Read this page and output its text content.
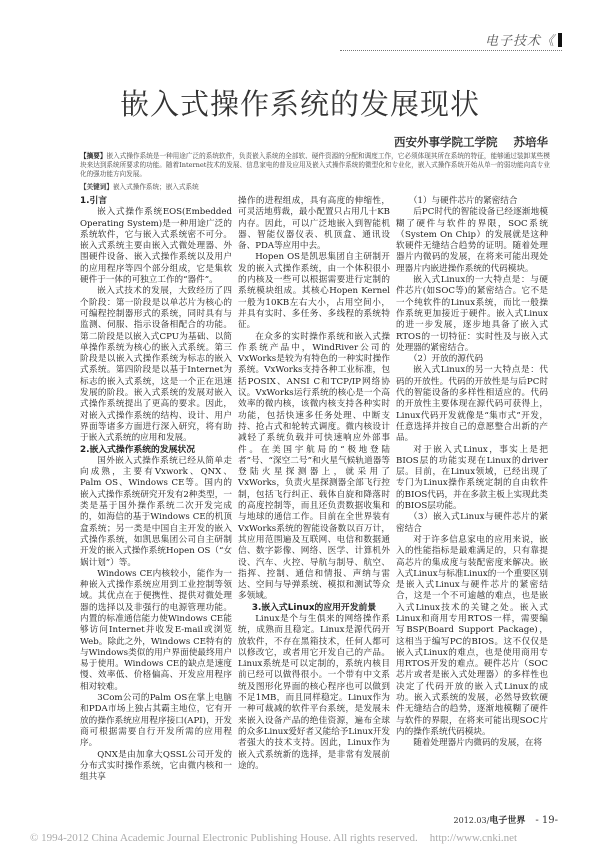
电子技术《
嵌入式操作系统的发展现状
西安外事学院工学院 苏培华
【摘要】嵌入式操作系统是一种用途广泛的系统软件，负责嵌入系统的全部软、硬件资源的分配和调度工作，它必须体现其所在系统的特征，能够通过装卸某些模块来达到系统所要求的功能。随着Internet技术的发展、信息家电的普及应用及嵌入式操作系统的微型化和专业化，嵌入式操作系统开始从单一的弱功能向高专业化的强功能方向发展。
【关键词】嵌入式操作系统；嵌入式系统
1.引言

嵌入式操作系统EOS(Embedded Operating System)是一种用途广泛的系统软件，它与嵌入式系统密不可分。嵌入式系统主要由嵌入式微处理器、外围硬件设备、嵌入式操作系统以及用户的应用程序等四个部分组成，它是集软硬件于一体的可独立工作的“器件”。

嵌入式技术的发展，大致经历了四个阶段：第一阶段是以单芯片为核心的可编程控制器形式的系统，同时具有与监测、伺服、指示设备相配合的功能。第二阶段是以嵌入式CPU为基础、以简单操作系统为核心的嵌入式系统。第三阶段是以嵌入式操作系统为标志的嵌入式系统。第四阶段是以基于Internet为标志的嵌入式系统，这是一个正在迅速发展的阶段。嵌入式系统的发展对嵌入式操作系统提出了更高的要求。因此，对嵌入式操作系统的结构、设计、用户界面等诸多方面进行深入研究，将有助于嵌入式系统的应用和发展。

2.嵌入式操作系统的发展状况

国外嵌入式操作系统已经从简单走向成熟，主要有Vxwork、QNX、Palm OS、Windows CE等。国内的嵌入式操作系统研究开发有2种类型，一类是基于国外操作系统二次开发完成的，如海信的基于Windows CE的机顶盒系统；另一类是中国自主开发的嵌入式操作系统，如凯思集团公司自主研制开发的嵌入式操作系统Hopen OS（“女娲计划”）等。

Windows CE内核较小，能作为一种嵌入式操作系统应用到工业控制等领域。其优点在于便携性、提供对微处理器的选择以及非强行的电源管理功能。内置的标准通信能力使Windows CE能够访问Internet并收发E-mail或浏览Web。除此之外，Windows CE特有的与Windows类似的用户界面使最终用户易于使用。Windows CE的缺点是速度慢、效率低、价格偏高、开发应用程序相对较难。

3Com公司的Palm OS在掌上电脑和PDA市场上独占其霸主地位，它有开放的操作系统应用程序接口(API)，开发商可根据需要自行开发所需的应用程序。

QNX是由加拿大QSSL公司开发的分布式实时操作系统，它由微内核和一组共享

操作的进程组成，具有高度的伸缩性，可灵活地剪裁，最小配置只占用几十KB内存。因此，可以广泛地嵌入到智能机器、智能仪器仪表、机顶盒、通讯设备、PDA等应用中去。

Hopen OS是凯思集团自主研制开发的嵌入式操作系统，由一个体积很小的内核及一些可以根据需要进行定制的系统模块组成。其核心Hopen Kernel一般为10KB左右大小，占用空间小，并具有实时、多任务、多线程的系统特征。

在众多的实时操作系统和嵌入式操作系统产品中，WindRiver公司的VxWorks是较为有特色的一种实时操作系统。VxWorks支持各种工业标准，包括POSIX、ANSI C和TCP/IP网络协议。VxWorks运行系统的核心是一个高效率的微内核，该微内核支持各种实时功能，包括快速多任务处理、中断支持、抢占式和轮转式调度。微内核设计减轻了系统负载并可快速响应外部事件。在美国宇航局的“极地登陆者”号、“深空二号”和火星气候轨道器等登陆火星探测器上，就采用了VxWorks，负责火星探测器全部飞行控制，包括飞行纠正、载体自旋和降落时的高度控制等，而且还负责数据收集和与地球的通信工作。目前在全世界装有VxWorks系统的智能设备数以百万计，其应用范围遍及互联网、电信和数据通信、数字影像、网络、医学、计算机外设、汽车、火控、导航与制导、航空、指挥、控制、通信和情报、声纳与雷达、空间与导弹系统、模拟和测试等众多领域。

3.嵌入式Linux的应用开发前景

Linux是个与生俱来的网络操作系统，成熟而且稳定。Linux是源代码开放软件，不存在黑箱技术，任何人都可以修改它，或者用它开发自己的产品。Linux系统是可以定制的，系统内核目前已经可以做得很小。一个带有中文系统及图形化界面的核心程序也可以做到不足1MB，而且同样稳定。Linux作为一种可裁减的软件平台系统，是发展未来嵌入设备产品的绝佳资源，遍布全球的众多Linux爱好者又能给予Linux开发者强大的技术支持。因此，Linux作为嵌入式系统新的选择，是非常有发展前途的。

（1）与硬件芯片的紧密结合

后PC时代的智能设备已经逐渐地模糊了硬件与软件的界限，SOC系统（System On Chip）的发展就是这种软硬件无缝结合趋势的证明。随着处理器片内微码的发展，在将来可能出现处理器片内嵌进操作系统的代码模块。

嵌入式Linux的一大特点是：与硬件芯片(如SOC等)的紧密结合。它不是一个纯软件的Linux系统，而比一般操作系统更加接近于硬件。嵌入式Linux的进一步发展，逐步地具备了嵌入式RTOS的一切特征：实时性及与嵌入式处理器的紧密结合。

（2）开放的源代码

嵌入式Linux的另一大特点是：代码的开放性。代码的开放性是与后PC时代的智能设备的多样性相适应的。代码的开放性主要体现在源代码可获得上，Linux代码开发就像是“集市式”开发，任意选择并按自己的意愿整合出新的产品。

对于嵌入式Linux，事实上是把BIOS层的功能实现在Linux的driver层。目前，在Linux领域，已经出现了专门为Linux操作系统定制的自由软件的BIOS代码，并在多款主板上实现此类的BIOS层功能。

（3）嵌入式Linux与硬件芯片的紧密结合

对于许多信息家电的应用来说，嵌入的性能指标是最难满足的，只有靠提高芯片的集成度与装配密度来解决。嵌入式Linux与标准Linux的一个重要区别是嵌入式Linux与硬件芯片的紧密结合，这是一个不可逾越的难点，也是嵌入式Linux技术的关键之处。嵌入式Linux和商用专用RTOS一样，需要编写BSP(Board Support Package)，这相当于编写PC的BIOS。这不仅仅是嵌入式Linux的难点，也是使用商用专用RTOS开发的难点。硬件芯片（SOC芯片或者是嵌入式处理器）的多样性也决定了代码开放的嵌入式Linux的成功。嵌入式系统的发展，必然导致软硬件无缝结合的趋势，逐渐地模糊了硬件与软件的界限，在将来可能出现SOC片内的操作系统代码模块。

随着处理器片内微码的发展，在将

2012.03/电子世界 - 19-
© 1994-2012 China Academic Journal Electronic Publishing House. All rights reserved. http://www.cnki.net
